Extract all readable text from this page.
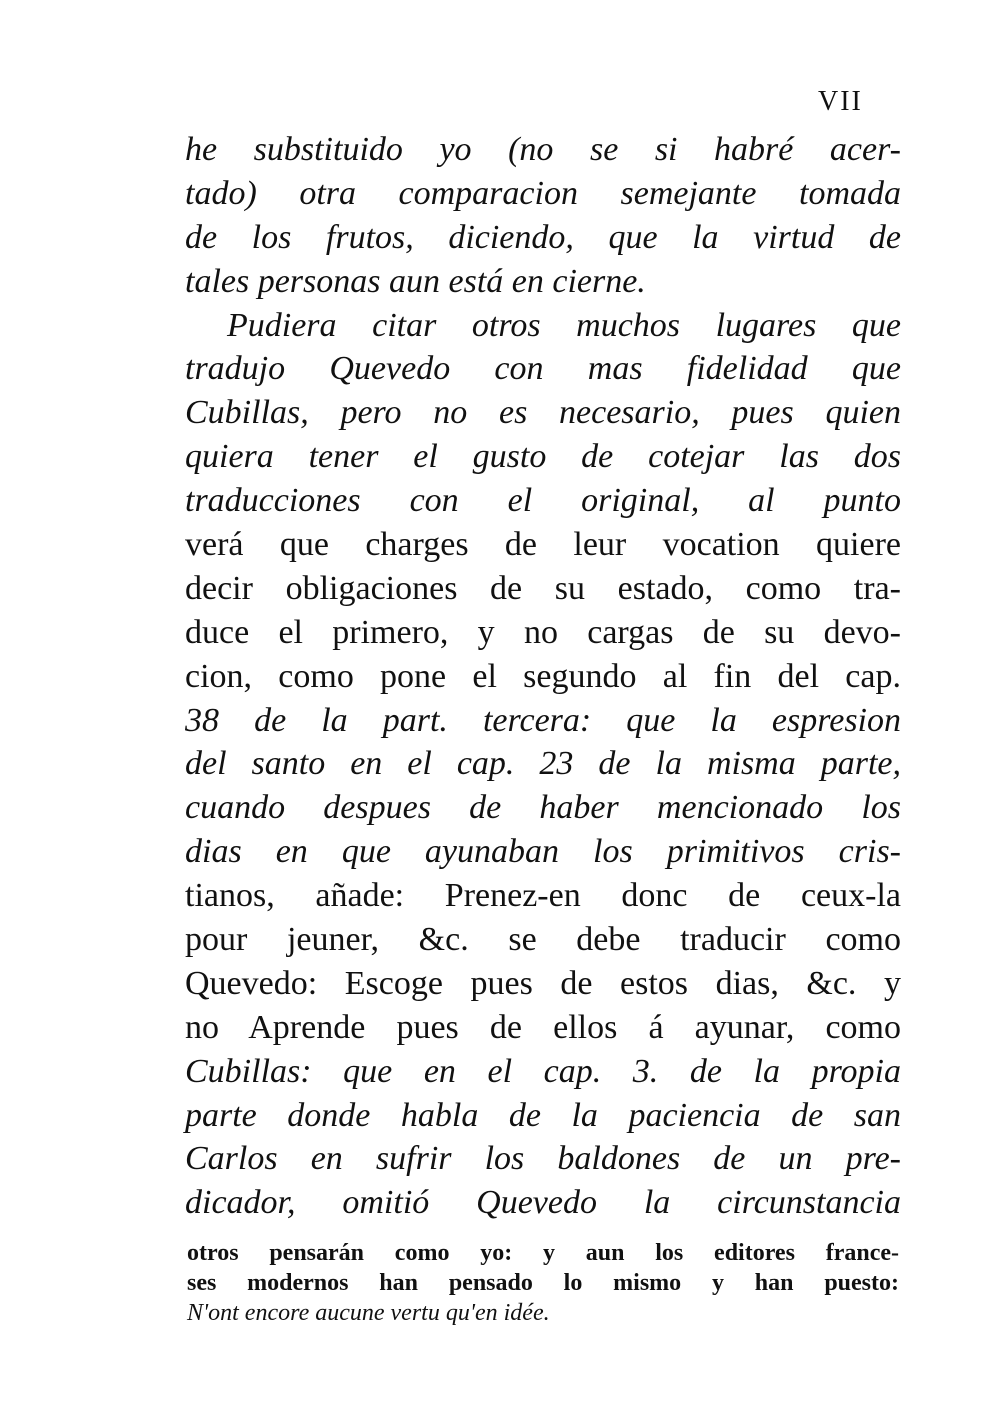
VII
he substituido yo (no se si habré acer-
tado) otra comparacion semejante tomada
de los frutos, diciendo, que la virtud de
tales personas aun está en cierne.
Pudiera citar otros muchos lugares que
tradujo Quevedo con mas fidelidad que
Cubillas, pero no es necesario, pues quien
quiera tener el gusto de cotejar las dos
traducciones con el original, al punto
verá que charges de leur vocation quiere
decir obligaciones de su estado, como tra-
duce el primero, y no cargas de su devo-
cion, como pone el segundo al fin del cap.
38 de la part. tercera: que la espresion
del santo en el cap. 23 de la misma parte,
cuando despues de haber mencionado los
dias en que ayunaban los primitivos cris-
tianos, añade: Prenez-en donc de ceux-la
pour jeuner, &c. se debe traducir como
Quevedo: Escoge pues de estos dias, &c. y
no Aprende pues de ellos á ayunar, como
Cubillas: que en el cap. 3. de la propia
parte donde habla de la paciencia de san
Carlos en sufrir los baldones de un pre-
dicador, omitió Quevedo la circunstancia
otros pensarán como yo: y aun los editores france-
ses modernos han pensado lo mismo y han puesto:
N'ont encore aucune vertu qu'en idée.
